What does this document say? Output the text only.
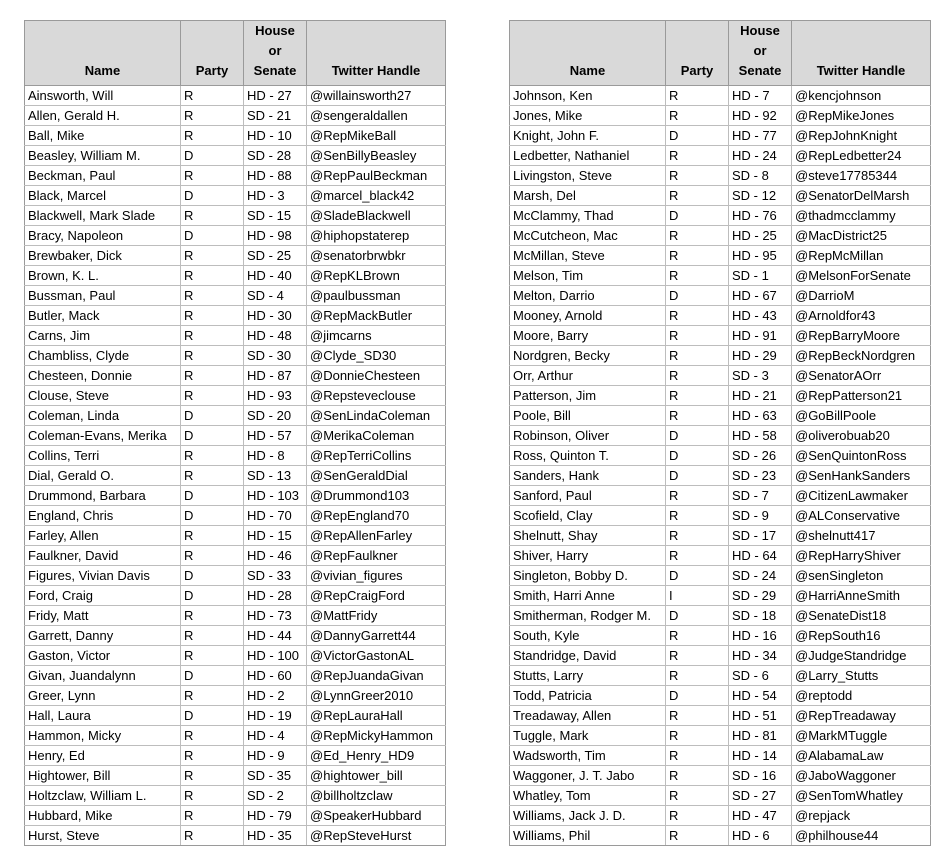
Name	Party	House or Senate	Twitter Handle
Ainsworth, Will	R	HD - 27	@willainsworth27
Allen, Gerald H.	R	SD - 21	@sengeraldallen
Ball, Mike	R	HD - 10	@RepMikeBall
Beasley, William M.	D	SD - 28	@SenBillyBeasley
Beckman, Paul	R	HD - 88	@RepPaulBeckman
Black, Marcel	D	HD - 3	@marcel_black42
Blackwell, Mark Slade	R	SD - 15	@SladeBlackwell
Bracy, Napoleon	D	HD - 98	@hiphopstaterep
Brewbaker, Dick	R	SD - 25	@senatorbrwbkr
Brown, K. L.	R	HD - 40	@RepKLBrown
Bussman, Paul	R	SD - 4	@paulbussman
Butler, Mack	R	HD - 30	@RepMackButler
Carns, Jim	R	HD - 48	@jimcarns
Chambliss, Clyde	R	SD - 30	@Clyde_SD30
Chesteen, Donnie	R	HD - 87	@DonnieChesteen
Clouse, Steve	R	HD - 93	@Repsteveclouse
Coleman, Linda	D	SD - 20	@SenLindaColeman
Coleman-Evans, Merika	D	HD - 57	@MerikaColeman
Collins, Terri	R	HD - 8	@RepTerriCollins
Dial, Gerald O.	R	SD - 13	@SenGeraldDial
Drummond, Barbara	D	HD - 103	@Drummond103
England, Chris	D	HD - 70	@RepEngland70
Farley, Allen	R	HD - 15	@RepAllenFarley
Faulkner, David	R	HD - 46	@RepFaulkner
Figures, Vivian Davis	D	SD - 33	@vivian_figures
Ford, Craig	D	HD - 28	@RepCraigFord
Fridy, Matt	R	HD - 73	@MattFridy
Garrett, Danny	R	HD - 44	@DannyGarrett44
Gaston, Victor	R	HD - 100	@VictorGastonAL
Givan, Juandalynn	D	HD - 60	@RepJuandaGivan
Greer, Lynn	R	HD - 2	@LynnGreer2010
Hall, Laura	D	HD - 19	@RepLauraHall
Hammon, Micky	R	HD - 4	@RepMickyHammon
Henry, Ed	R	HD - 9	@Ed_Henry_HD9
Hightower, Bill	R	SD - 35	@hightower_bill
Holtzclaw, William L.	R	SD - 2	@billholtzclaw
Hubbard, Mike	R	HD - 79	@SpeakerHubbard
Hurst, Steve	R	HD - 35	@RepSteveHurst
Name	Party	House or Senate	Twitter Handle
Johnson, Ken	R	HD - 7	@kencjohnson
Jones, Mike	R	HD - 92	@RepMikeJones
Knight, John F.	D	HD - 77	@RepJohnKnight
Ledbetter, Nathaniel	R	HD - 24	@RepLedbetter24
Livingston, Steve	R	SD - 8	@steve17785344
Marsh, Del	R	SD - 12	@SenatorDelMarsh
McClammy, Thad	D	HD - 76	@thadmcclammy
McCutcheon, Mac	R	HD - 25	@MacDistrict25
McMillan, Steve	R	HD - 95	@RepMcMillan
Melson, Tim	R	SD - 1	@MelsonForSenate
Melton, Darrio	D	HD - 67	@DarrioM
Mooney, Arnold	R	HD - 43	@Arnoldfor43
Moore, Barry	R	HD - 91	@RepBarryMoore
Nordgren, Becky	R	HD - 29	@RepBeckNordgren
Orr, Arthur	R	SD - 3	@SenatorAOrr
Patterson, Jim	R	HD - 21	@RepPatterson21
Poole, Bill	R	HD - 63	@GoBillPoole
Robinson, Oliver	D	HD - 58	@oliverobuab20
Ross, Quinton T.	D	SD - 26	@SenQuintonRoss
Sanders, Hank	D	SD - 23	@SenHankSanders
Sanford, Paul	R	SD - 7	@CitizenLawmaker
Scofield, Clay	R	SD - 9	@ALConservative
Shelnutt, Shay	R	SD - 17	@shelnutt417
Shiver, Harry	R	HD - 64	@RepHarryShiver
Singleton, Bobby D.	D	SD - 24	@senSingleton
Smith, Harri Anne	I	SD - 29	@HarriAnneSmith
Smitherman, Rodger M.	D	SD - 18	@SenateDist18
South, Kyle	R	HD - 16	@RepSouth16
Standridge, David	R	HD - 34	@JudgeStandridge
Stutts, Larry	R	SD - 6	@Larry_Stutts
Todd, Patricia	D	HD - 54	@reptodd
Treadaway, Allen	R	HD - 51	@RepTreadaway
Tuggle, Mark	R	HD - 81	@MarkMTuggle
Wadsworth, Tim	R	HD - 14	@AlabamaLaw
Waggoner, J. T. Jabo	R	SD - 16	@JaboWaggoner
Whatley, Tom	R	SD - 27	@SenTomWhatley
Williams, Jack J. D.	R	HD - 47	@repjack
Williams, Phil	R	HD - 6	@philhouse44
